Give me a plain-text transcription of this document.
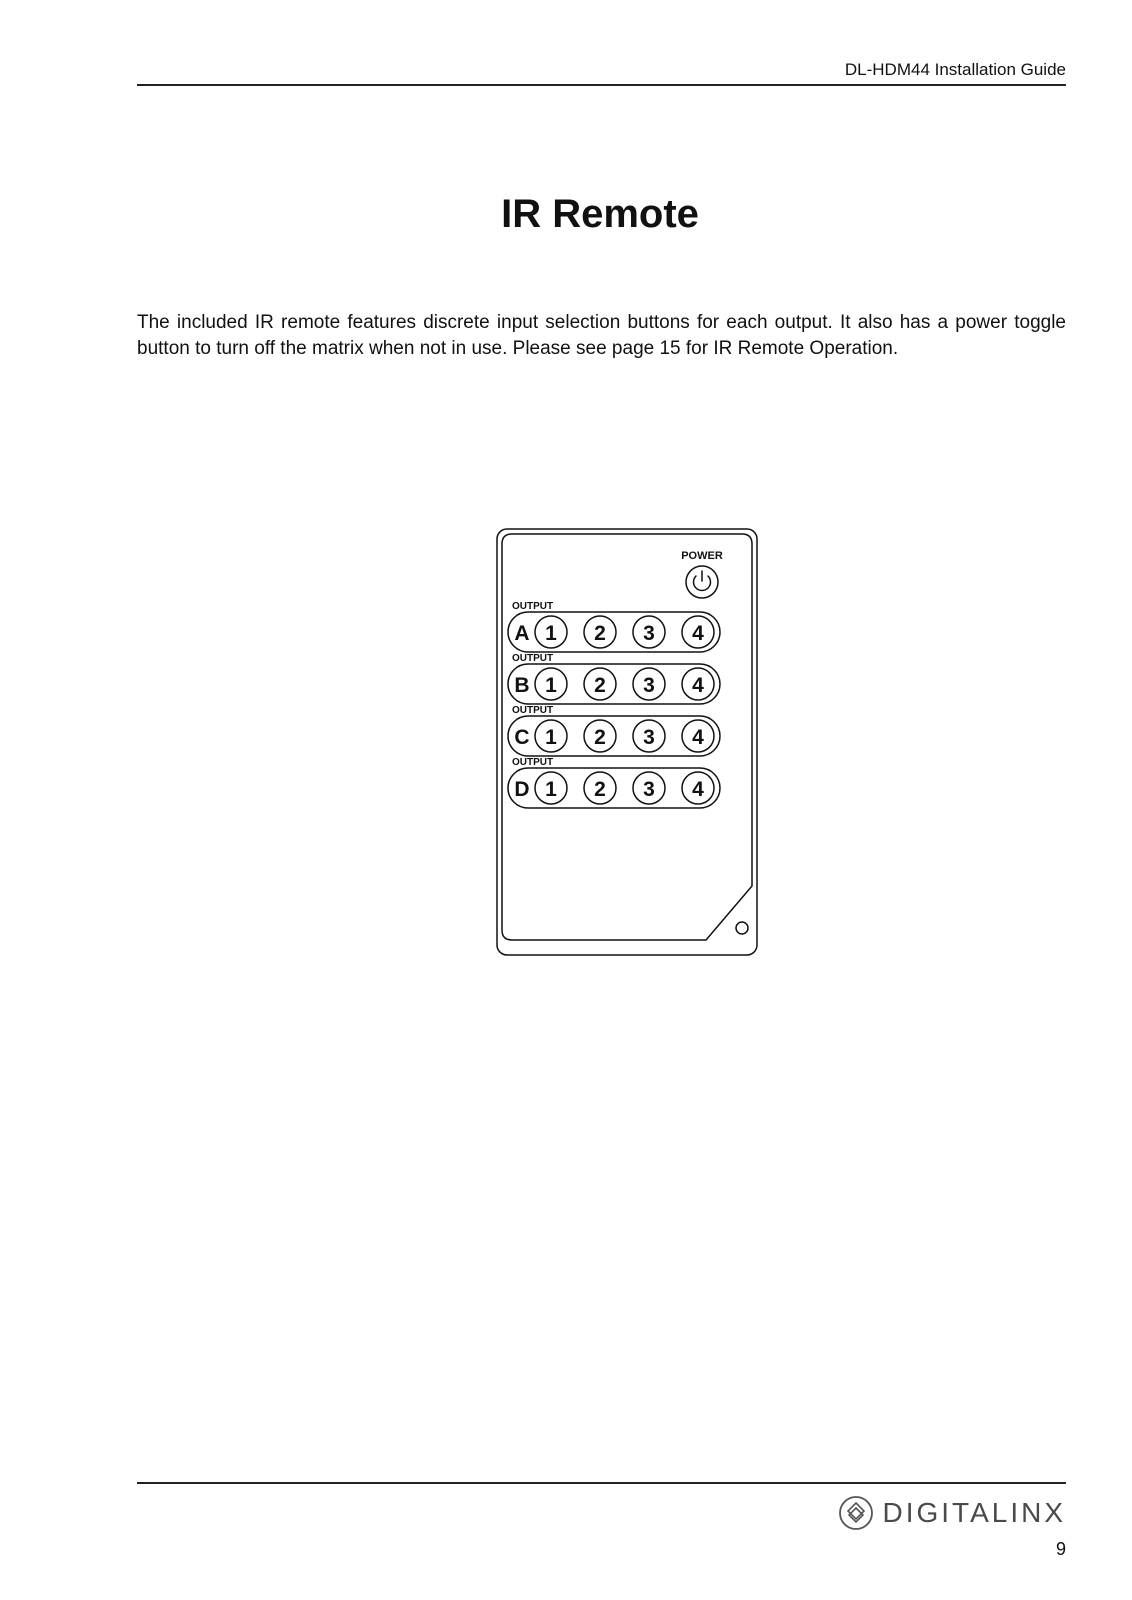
DL-HDM44 Installation Guide
IR Remote

The included IR remote features discrete input selection buttons for each output. It also has a power toggle button to turn off the matrix when not in use. Please see page 15 for IR Remote Operation.

POWER
OUTPUT
A 1 2 3 4
OUTPUT
B 1 2 3 4
OUTPUT
C 1 2 3 4
OUTPUT
D 1 2 3 4
DIGITALINX
9
